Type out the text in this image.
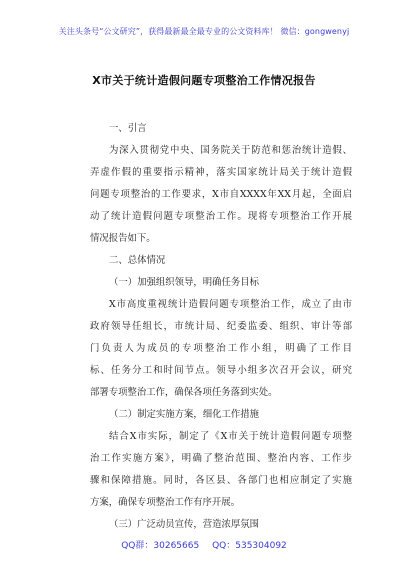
关注头条号“公文研究”，获得最新最全最专业的公文资料库！ 微信：gongwenyj
X市关于统计造假问题专项整治工作情况报告
一、引言
为深入贯彻党中央、国务院关于防范和惩治统计造假、
弄虚作假的重要指示精神，落实国家统计局关于统计造假
问题专项整治的工作要求，X市自XXXX年XX月起，全面启
动了统计造假问题专项整治工作。现将专项整治工作开展
情况报告如下。
二、总体情况
（一）加强组织领导，明确任务目标
X市高度重视统计造假问题专项整治工作，成立了由市
政府领导任组长，市统计局、纪委监委、组织、审计等部
门负责人为成员的专项整治工作小组，明确了工作目
标、任务分工和时间节点。领导小组多次召开会议，研究
部署专项整治工作，确保各项任务落到实处。
（二）制定实施方案，细化工作措施
结合X市实际，制定了《X市关于统计造假问题专项整
治工作实施方案》，明确了整治范围、整治内容、工作步
骤和保障措施。同时，各区县、各部门也相应制定了实施
方案，确保专项整治工作有序开展。
（三）广泛动员宣传，营造浓厚氛围
QQ群：30265665 QQ：535304092
